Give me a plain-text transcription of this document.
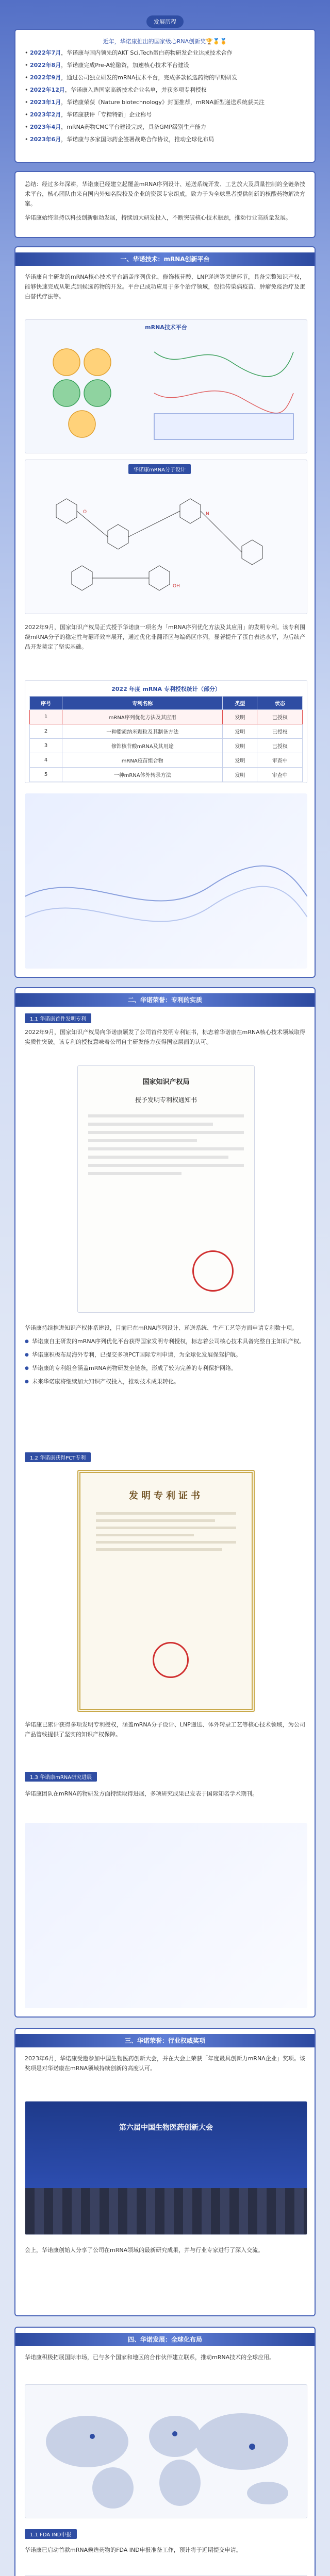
发展历程
近年，华诺康推出的国家级心RNA创新奖🏆🥇🏅
• 2022年7月，华诺康与国内领先的AKT Sci.Tech蛋白药物研发企业达成技术合作
• 2022年8月，华诺康完成Pre-A轮融资，加速核心技术平台建设
• 2022年9月，通过公司独立研发的mRNA技术平台，完成多款候选药物的早期研发
• 2022年12月，华诺康入选国家高新技术企业名单，并获多项专利授权
• 2023年1月，华诺康荣获《Nature biotechnology》封面推荐，mRNA新型递送系统获关注
• 2023年2月，华诺康获评「专精特新」企业称号
• 2023年4月，mRNA药物CMC平台建设完成，具备GMP级别生产能力
• 2023年6月，华诺康与多家国际药企签署战略合作协议，推动全球化布局

总结：经过多年深耕，华诺康已经建立起覆盖mRNA序列设计、递送系统开发、工艺放大及质量控制的全链条技术平台，核心团队由来自国内外知名院校及企业的资深专家组成，致力于为全球患者提供创新的核酸药物解决方案。

华诺康始终坚持以科技创新驱动发展，持续加大研发投入，不断突破核心技术瓶颈，推动行业高质量发展。

一、华诺技术：mRNA创新平台

华诺康自主研发的mRNA核心技术平台涵盖序列优化、修饰核苷酸、LNP递送等关键环节，具备完整知识产权，能够快速完成从靶点到候选药物的开发。平台已成功应用于多个治疗领域，包括传染病疫苗、肿瘤免疫治疗及蛋白替代疗法等。

mRNA技术平台
华诺康mRNA分子设计
O	N
OH

2022年9月，国家知识产权局正式授予华诺康一项名为「mRNA序列优化方法及其应用」的发明专利。该专利围绕mRNA分子的稳定性与翻译效率展开，通过优化非翻译区与编码区序列，显著提升了蛋白表达水平，为后续产品开发奠定了坚实基础。

2022 年度 mRNA 专利授权统计（部分）
序号	专利名称	类型	状态
1	mRNA序列优化方法及其应用	发明	已授权
2	一种脂质纳米颗粒及其制备方法	发明	已授权
3	修饰核苷酸mRNA及其用途	发明	已授权
4	mRNA疫苗组合物	发明	审查中
5	一种mRNA体外转录方法	发明	审查中
二、华诺荣誉：专利的实质
1.1 华诺康首件发明专利

2022年9月，国家知识产权局向华诺康颁发了公司首件发明专利证书，标志着华诺康在mRNA核心技术领域取得实质性突破。该专利的授权意味着公司自主研发能力获得国家层面的认可。

国家知识产权局
授予发明专利权通知书

华诺康持续推进知识产权体系建设，目前已在mRNA序列设计、递送系统、生产工艺等方面申请专利数十项。

● 华诺康自主研发的mRNA序列优化平台获得国家发明专利授权，标志着公司核心技术具备完整自主知识产权。
● 华诺康积极布局海外专利，已提交多项PCT国际专利申请，为全球化发展保驾护航。
● 华诺康的专利组合涵盖mRNA药物研发全链条，形成了较为完善的专利保护网络。
● 未来华诺康将继续加大知识产权投入，推动技术成果转化。
1.2 华诺康获得PCT专利
发明专利证书

华诺康已累计获得多项发明专利授权，涵盖mRNA分子设计、LNP递送、体外转录工艺等核心技术领域，为公司产品管线提供了坚实的知识产权保障。

1.3 华诺康mRNA研究进展

华诺康团队在mRNA药物研发方面持续取得进展，多项研究成果已发表于国际知名学术期刊。

三、华诺荣誉：行业权威奖项

2023年6月，华诺康受邀参加中国生物医药创新大会，并在大会上荣获「年度最具创新力mRNA企业」奖项。该奖项是对华诺康在mRNA领域持续创新的高度认可。

第六届中国生物医药创新大会

会上，华诺康创始人分享了公司在mRNA领域的最新研究成果，并与行业专家进行了深入交流。

四、华诺发展：全球化布局

华诺康积极拓展国际市场，已与多个国家和地区的合作伙伴建立联系，推动mRNA技术的全球应用。

1.1 FDA IND申报

华诺康已启动首款mRNA候选药物的FDA IND申报准备工作，预计将于近期提交申请。
